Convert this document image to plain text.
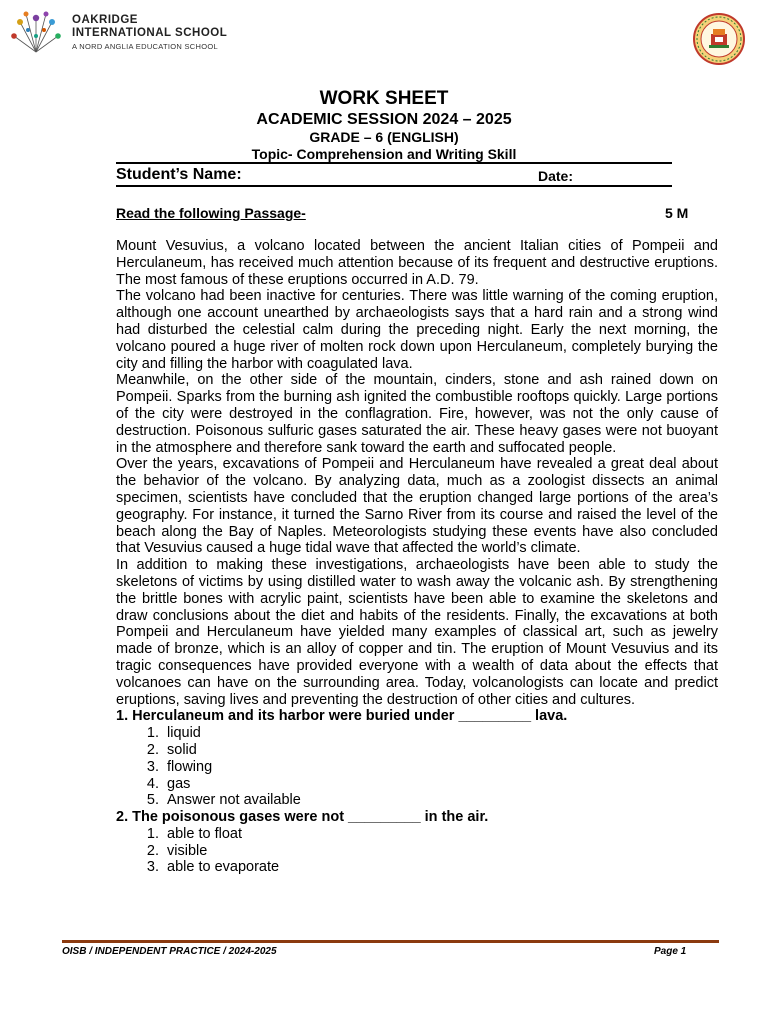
OAKRIDGE
INTERNATIONAL SCHOOL
A NORD ANGLIA EDUCATION SCHOOL
WORK SHEET
ACADEMIC SESSION 2024 – 2025
GRADE – 6 (ENGLISH)
Topic- Comprehension and Writing Skill
Student’s Name:	Date:
Read the following Passage-	5 M

Mount Vesuvius, a volcano located between the ancient Italian cities of Pompeii and Herculaneum, has received much attention because of its frequent and destructive eruptions. The most famous of these eruptions occurred in A.D. 79.

The volcano had been inactive for centuries. There was little warning of the coming eruption, although one account unearthed by archaeologists says that a hard rain and a strong wind had disturbed the celestial calm during the preceding night. Early the next morning, the volcano poured a huge river of molten rock down upon Herculaneum, completely burying the city and filling the harbor with coagulated lava.

Meanwhile, on the other side of the mountain, cinders, stone and ash rained down on Pompeii. Sparks from the burning ash ignited the combustible rooftops quickly. Large portions of the city were destroyed in the conflagration. Fire, however, was not the only cause of destruction. Poisonous sulfuric gases saturated the air. These heavy gases were not buoyant in the atmosphere and therefore sank toward the earth and suffocated people.

Over the years, excavations of Pompeii and Herculaneum have revealed a great deal about the behavior of the volcano. By analyzing data, much as a zoologist dissects an animal specimen, scientists have concluded that the eruption changed large portions of the area’s geography. For instance, it turned the Sarno River from its course and raised the level of the beach along the Bay of Naples. Meteorologists studying these events have also concluded that Vesuvius caused a huge tidal wave that affected the world’s climate.

In addition to making these investigations, archaeologists have been able to study the skeletons of victims by using distilled water to wash away the volcanic ash. By strengthening the brittle bones with acrylic paint, scientists have been able to examine the skeletons and draw conclusions about the diet and habits of the residents. Finally, the excavations at both Pompeii and Herculaneum have yielded many examples of classical art, such as jewelry made of bronze, which is an alloy of copper and tin. The eruption of Mount Vesuvius and its tragic consequences have provided everyone with a wealth of data about the effects that volcanoes can have on the surrounding area. Today, volcanologists can locate and predict eruptions, saving lives and preventing the destruction of other cities and cultures.

1. Herculaneum and its harbor were buried under _________ lava.

1. liquid
2. solid
3. flowing
4. gas
5. Answer not available

2. The poisonous gases were not _________ in the air.

1. able to float
2. visible
3. able to evaporate
OISB / INDEPENDENT PRACTICE / 2024-2025	Page 1
